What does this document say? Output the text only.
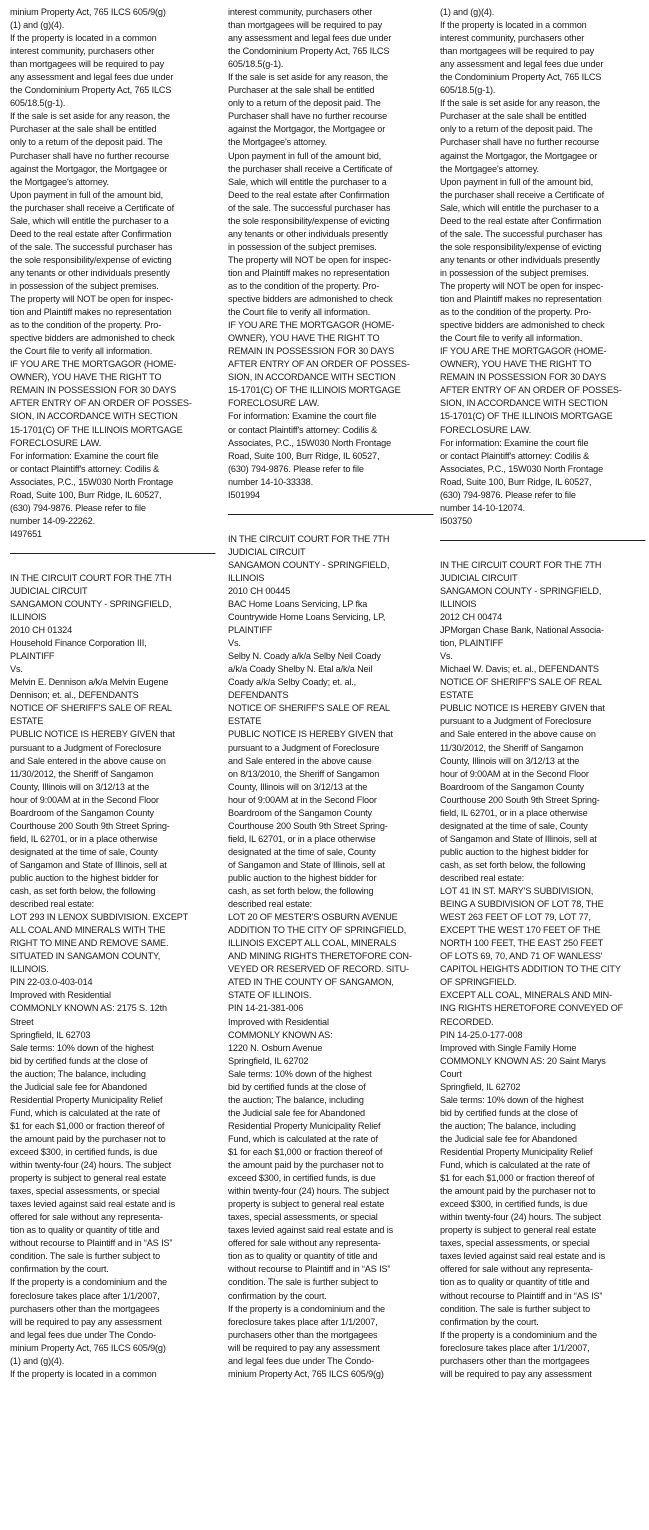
minium Property Act, 765 ILCS 605/9(g)
(1) and (g)(4).
If the property is located in a common
interest community, purchasers other
than mortgagees will be required to pay
any assessment and legal fees due under
the Condominium Property Act, 765 ILCS
605/18.5(g-1).
If the sale is set aside for any reason, the
Purchaser at the sale shall be entitled
only to a return of the deposit paid. The
Purchaser shall have no further recourse
against the Mortgagor, the Mortgagee or
the Mortgagee's attorney.
Upon payment in full of the amount bid,
the purchaser shall receive a Certificate of
Sale, which will entitle the purchaser to a
Deed to the real estate after Confirmation
of the sale. The successful purchaser has
the sole responsibility/expense of evicting
any tenants or other individuals presently
in possession of the subject premises.
The property will NOT be open for inspec-
tion and Plaintiff makes no representation
as to the condition of the property. Pro-
spective bidders are admonished to check
the Court file to verify all information.
IF YOU ARE THE MORTGAGOR (HOME-
OWNER), YOU HAVE THE RIGHT TO
REMAIN IN POSSESSION FOR 30 DAYS
AFTER ENTRY OF AN ORDER OF POSSES-
SION, IN ACCORDANCE WITH SECTION
15-1701(C) OF THE ILLINOIS MORTGAGE
FORECLOSURE LAW.
For information: Examine the court file
or contact Plaintiff's attorney: Codilis &
Associates, P.C., 15W030 North Frontage
Road, Suite 100, Burr Ridge, IL 60527,
(630) 794-9876. Please refer to file
number 14-09-22262.
I497651
IN THE CIRCUIT COURT FOR THE 7TH
JUDICIAL CIRCUIT
SANGAMON COUNTY - SPRINGFIELD,
ILLINOIS
2010 CH 01324
Household Finance Corporation III,
PLAINTIFF
Vs.
Melvin E. Dennison a/k/a Melvin Eugene
Dennison; et. al., DEFENDANTS
NOTICE OF SHERIFF'S SALE OF REAL
ESTATE
PUBLIC NOTICE IS HEREBY GIVEN that
pursuant to a Judgment of Foreclosure
and Sale entered in the above cause on
11/30/2012, the Sheriff of Sangamon
County, Illinois will on 3/12/13 at the
hour of 9:00AM at in the Second Floor
Boardroom of the Sangamon County
Courthouse 200 South 9th Street Spring-
field, IL 62701, or in a place otherwise
designated at the time of sale, County
of Sangamon and State of Illinois, sell at
public auction to the highest bidder for
cash, as set forth below, the following
described real estate:
LOT 293 IN LENOX SUBDIVISION. EXCEPT
ALL COAL AND MINERALS WITH THE
RIGHT TO MINE AND REMOVE SAME.
SITUATED IN SANGAMON COUNTY,
ILLINOIS.
PIN 22-03.0-403-014
Improved with Residential
COMMONLY KNOWN AS: 2175 S. 12th
Street
Springfield, IL 62703
Sale terms: 10% down of the highest
bid by certified funds at the close of
the auction; The balance, including
the Judicial sale fee for Abandoned
Residential Property Municipality Relief
Fund, which is calculated at the rate of
$1 for each $1,000 or fraction thereof of
the amount paid by the purchaser not to
exceed $300, in certified funds, is due
within twenty-four (24) hours. The subject
property is subject to general real estate
taxes, special assessments, or special
taxes levied against said real estate and is
offered for sale without any representa-
tion as to quality or quantity of title and
without recourse to Plaintiff and in “AS IS”
condition. The sale is further subject to
confirmation by the court.
If the property is a condominium and the
foreclosure takes place after 1/1/2007,
purchasers other than the mortgagees
will be required to pay any assessment
and legal fees due under The Condo-
minium Property Act, 765 ILCS 605/9(g)
(1) and (g)(4).
If the property is located in a common
interest community, purchasers other
than mortgagees will be required to pay
any assessment and legal fees due under
the Condominium Property Act, 765 ILCS
605/18.5(g-1).
If the sale is set aside for any reason, the
Purchaser at the sale shall be entitled
only to a return of the deposit paid. The
Purchaser shall have no further recourse
against the Mortgagor, the Mortgagee or
the Mortgagee's attorney.
Upon payment in full of the amount bid,
the purchaser shall receive a Certificate of
Sale, which will entitle the purchaser to a
Deed to the real estate after Confirmation
of the sale. The successful purchaser has
the sole responsibility/expense of evicting
any tenants or other individuals presently
in possession of the subject premises.
The property will NOT be open for inspec-
tion and Plaintiff makes no representation
as to the condition of the property. Pro-
spective bidders are admonished to check
the Court file to verify all information.
IF YOU ARE THE MORTGAGOR (HOME-
OWNER), YOU HAVE THE RIGHT TO
REMAIN IN POSSESSION FOR 30 DAYS
AFTER ENTRY OF AN ORDER OF POSSES-
SION, IN ACCORDANCE WITH SECTION
15-1701(C) OF THE ILLINOIS MORTGAGE
FORECLOSURE LAW.
For information: Examine the court file
or contact Plaintiff's attorney: Codilis &
Associates, P.C., 15W030 North Frontage
Road, Suite 100, Burr Ridge, IL 60527,
(630) 794-9876. Please refer to file
number 14-10-33338.
I501994
IN THE CIRCUIT COURT FOR THE 7TH
JUDICIAL CIRCUIT
SANGAMON COUNTY - SPRINGFIELD,
ILLINOIS
2010 CH 00445
BAC Home Loans Servicing, LP fka
Countrywide Home Loans Servicing, LP,
PLAINTIFF
Vs.
Selby N. Coady a/k/a Selby Neil Coady
a/k/a Coady Shelby N. Etal a/k/a Neil
Coady a/k/a Selby Coady; et. al.,
DEFENDANTS
NOTICE OF SHERIFF'S SALE OF REAL
ESTATE
PUBLIC NOTICE IS HEREBY GIVEN that
pursuant to a Judgment of Foreclosure
and Sale entered in the above cause
on 8/13/2010, the Sheriff of Sangamon
County, Illinois will on 3/12/13 at the
hour of 9:00AM at in the Second Floor
Boardroom of the Sangamon County
Courthouse 200 South 9th Street Spring-
field, IL 62701, or in a place otherwise
designated at the time of sale, County
of Sangamon and State of Illinois, sell at
public auction to the highest bidder for
cash, as set forth below, the following
described real estate:
LOT 20 OF MESTER'S OSBURN AVENUE
ADDITION TO THE CITY OF SPRINGFIELD,
ILLINOIS EXCEPT ALL COAL, MINERALS
AND MINING RIGHTS THERETOFORE CON-
VEYED OR RESERVED OF RECORD. SITU-
ATED IN THE COUNTY OF SANGAMON,
STATE OF ILLINOIS.
PIN 14-21-381-006
Improved with Residential
COMMONLY KNOWN AS:
1220 N. Osburn Avenue
Springfield, IL 62702
Sale terms: 10% down of the highest
bid by certified funds at the close of
the auction; The balance, including
the Judicial sale fee for Abandoned
Residential Property Municipality Relief
Fund, which is calculated at the rate of
$1 for each $1,000 or fraction thereof of
the amount paid by the purchaser not to
exceed $300, in certified funds, is due
within twenty-four (24) hours. The subject
property is subject to general real estate
taxes, special assessments, or special
taxes levied against said real estate and is
offered for sale without any representa-
tion as to quality or quantity of title and
without recourse to Plaintiff and in “AS IS”
condition. The sale is further subject to
confirmation by the court.
If the property is a condominium and the
foreclosure takes place after 1/1/2007,
purchasers other than the mortgagees
will be required to pay any assessment
and legal fees due under The Condo-
minium Property Act, 765 ILCS 605/9(g)
(1) and (g)(4).
If the property is located in a common
interest community, purchasers other
than mortgagees will be required to pay
any assessment and legal fees due under
the Condominium Property Act, 765 ILCS
605/18.5(g-1).
If the sale is set aside for any reason, the
Purchaser at the sale shall be entitled
only to a return of the deposit paid. The
Purchaser shall have no further recourse
against the Mortgagor, the Mortgagee or
the Mortgagee's attorney.
Upon payment in full of the amount bid,
the purchaser shall receive a Certificate of
Sale, which will entitle the purchaser to a
Deed to the real estate after Confirmation
of the sale. The successful purchaser has
the sole responsibility/expense of evicting
any tenants or other individuals presently
in possession of the subject premises.
The property will NOT be open for inspec-
tion and Plaintiff makes no representation
as to the condition of the property. Pro-
spective bidders are admonished to check
the Court file to verify all information.
IF YOU ARE THE MORTGAGOR (HOME-
OWNER), YOU HAVE THE RIGHT TO
REMAIN IN POSSESSION FOR 30 DAYS
AFTER ENTRY OF AN ORDER OF POSSES-
SION, IN ACCORDANCE WITH SECTION
15-1701(C) OF THE ILLINOIS MORTGAGE
FORECLOSURE LAW.
For information: Examine the court file
or contact Plaintiff's attorney: Codilis &
Associates, P.C., 15W030 North Frontage
Road, Suite 100, Burr Ridge, IL 60527,
(630) 794-9876. Please refer to file
number 14-10-12074.
I503750
IN THE CIRCUIT COURT FOR THE 7TH
JUDICIAL CIRCUIT
SANGAMON COUNTY - SPRINGFIELD,
ILLINOIS
2012 CH 00474
JPMorgan Chase Bank, National Associa-
tion, PLAINTIFF
Vs.
Michael W. Davis; et. al., DEFENDANTS
NOTICE OF SHERIFF'S SALE OF REAL
ESTATE
PUBLIC NOTICE IS HEREBY GIVEN that
pursuant to a Judgment of Foreclosure
and Sale entered in the above cause on
11/30/2012, the Sheriff of Sangamon
County, Illinois will on 3/12/13 at the
hour of 9:00AM at in the Second Floor
Boardroom of the Sangamon County
Courthouse 200 South 9th Street Spring-
field, IL 62701, or in a place otherwise
designated at the time of sale, County
of Sangamon and State of Illinois, sell at
public auction to the highest bidder for
cash, as set forth below, the following
described real estate:
LOT 41 IN ST. MARY'S SUBDIVISION,
BEING A SUBDIVISION OF LOT 78, THE
WEST 263 FEET OF LOT 79, LOT 77,
EXCEPT THE WEST 170 FEET OF THE
NORTH 100 FEET, THE EAST 250 FEET
OF LOTS 69, 70, AND 71 OF WANLESS'
CAPITOL HEIGHTS ADDITION TO THE CITY
OF SPRINGFIELD.
EXCEPT ALL COAL, MINERALS AND MIN-
ING RIGHTS HERETOFORE CONVEYED OF
RECORDED.
PIN 14-25.0-177-008
Improved with Single Family Home
COMMONLY KNOWN AS: 20 Saint Marys
Court
Springfield, IL 62702
Sale terms: 10% down of the highest
bid by certified funds at the close of
the auction; The balance, including
the Judicial sale fee for Abandoned
Residential Property Municipality Relief
Fund, which is calculated at the rate of
$1 for each $1,000 or fraction thereof of
the amount paid by the purchaser not to
exceed $300, in certified funds, is due
within twenty-four (24) hours. The subject
property is subject to general real estate
taxes, special assessments, or special
taxes levied against said real estate and is
offered for sale without any representa-
tion as to quality or quantity of title and
without recourse to Plaintiff and in “AS IS”
condition. The sale is further subject to
confirmation by the court.
If the property is a condominium and the
foreclosure takes place after 1/1/2007,
purchasers other than the mortgagees
will be required to pay any assessment
